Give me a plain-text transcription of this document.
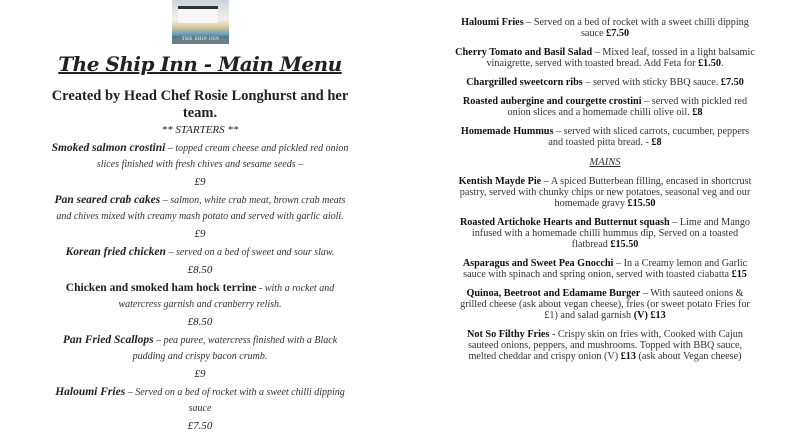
THE SHIP INN
The Ship Inn - Main Menu
Created by Head Chef Rosie Longhurst and her team.
** STARTERS **
Smoked salmon crostini – topped cream cheese and pickled red onion slices finished with fresh chives and sesame seeds –
£9
Pan seared crab cakes – salmon, white crab meat, brown crab meats and chives mixed with creamy mash potato and served with garlic aioli.
£9
Korean fried chicken – served on a bed of sweet and sour slaw.
£8.50
Chicken and smoked ham hock terrine - with a rocket and watercress garnish and cranberry relish.
£8.50
Pan Fried Scallops – pea puree, watercress finished with a Black pudding and crispy bacon crumb.
£9
Haloumi Fries – Served on a bed of rocket with a sweet chilli dipping sauce
£7.50
Haloumi Fries – Served on a bed of rocket with a sweet chilli dipping sauce £7.50
Cherry Tomato and Basil Salad – Mixed leaf, tossed in a light balsamic vinaigrette, served with toasted bread. Add Feta for £1.50.
Chargrilled sweetcorn ribs – served with sticky BBQ sauce. £7.50
Roasted aubergine and courgette crostini – served with pickled red onion slices and a homemade chilli olive oil. £8
Homemade Hummus – served with sliced carrots, cucumber, peppers and toasted pitta bread. - £8
MAINS
Kentish Mayde Pie – A spiced Butterbean filling, encased in shortcrust pastry, served with chunky chips or new potatoes, seasonal veg and our homemade gravy £15.50
Roasted Artichoke Hearts and Butternut squash – Lime and Mango infused with a homemade chilli hummus dip, Served on a toasted flatbread £15.50
Asparagus and Sweet Pea Gnocchi – In a Creamy lemon and Garlic sauce with spinach and spring onion, served with toasted ciabatta £15
Quinoa, Beetroot and Edamame Burger – With sauteed onions & grilled cheese (ask about vegan cheese), fries (or sweet potato Fries for £1) and salad garnish (V) £13
Not So Filthy Fries - Crispy skin on fries with, Cooked with Cajun sauteed onions, peppers, and mushrooms. Topped with BBQ sauce, melted cheddar and crispy onion (V) £13 (ask about Vegan cheese)
